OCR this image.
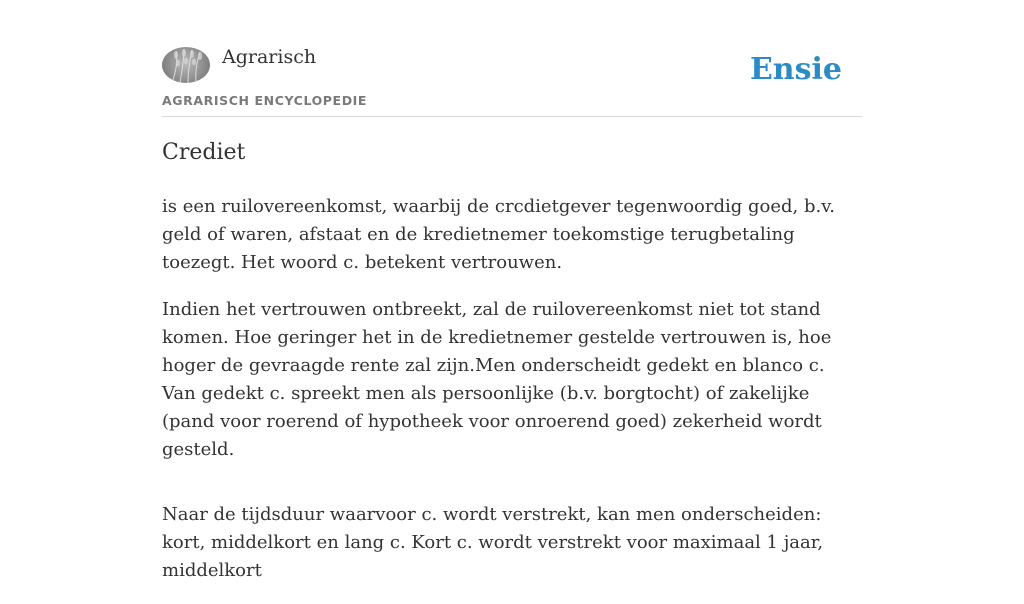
Agrarisch
AGRARISCH ENCYCLOPEDIE
Ensie
Crediet

is een ruilovereenkomst, waarbij de crcdietgever tegenwoordig goed, b.v. geld of waren, afstaat en de kredietnemer toekomstige terugbetaling toezegt. Het woord c. betekent vertrouwen.

Indien het vertrouwen ontbreekt, zal de ruilovereenkomst niet tot stand komen. Hoe geringer het in de kredietnemer gestelde vertrouwen is, hoe hoger de gevraagde rente zal zijn.Men onderscheidt gedekt en blanco c. Van gedekt c. spreekt men als persoonlijke (b.v. borgtocht) of zakelijke (pand voor roerend of hypotheek voor onroerend goed) zekerheid wordt gesteld.

Naar de tijdsduur waarvoor c. wordt verstrekt, kan men onderscheiden: kort, middelkort en lang c. Kort c. wordt verstrekt voor maximaal 1 jaar, middelkort
